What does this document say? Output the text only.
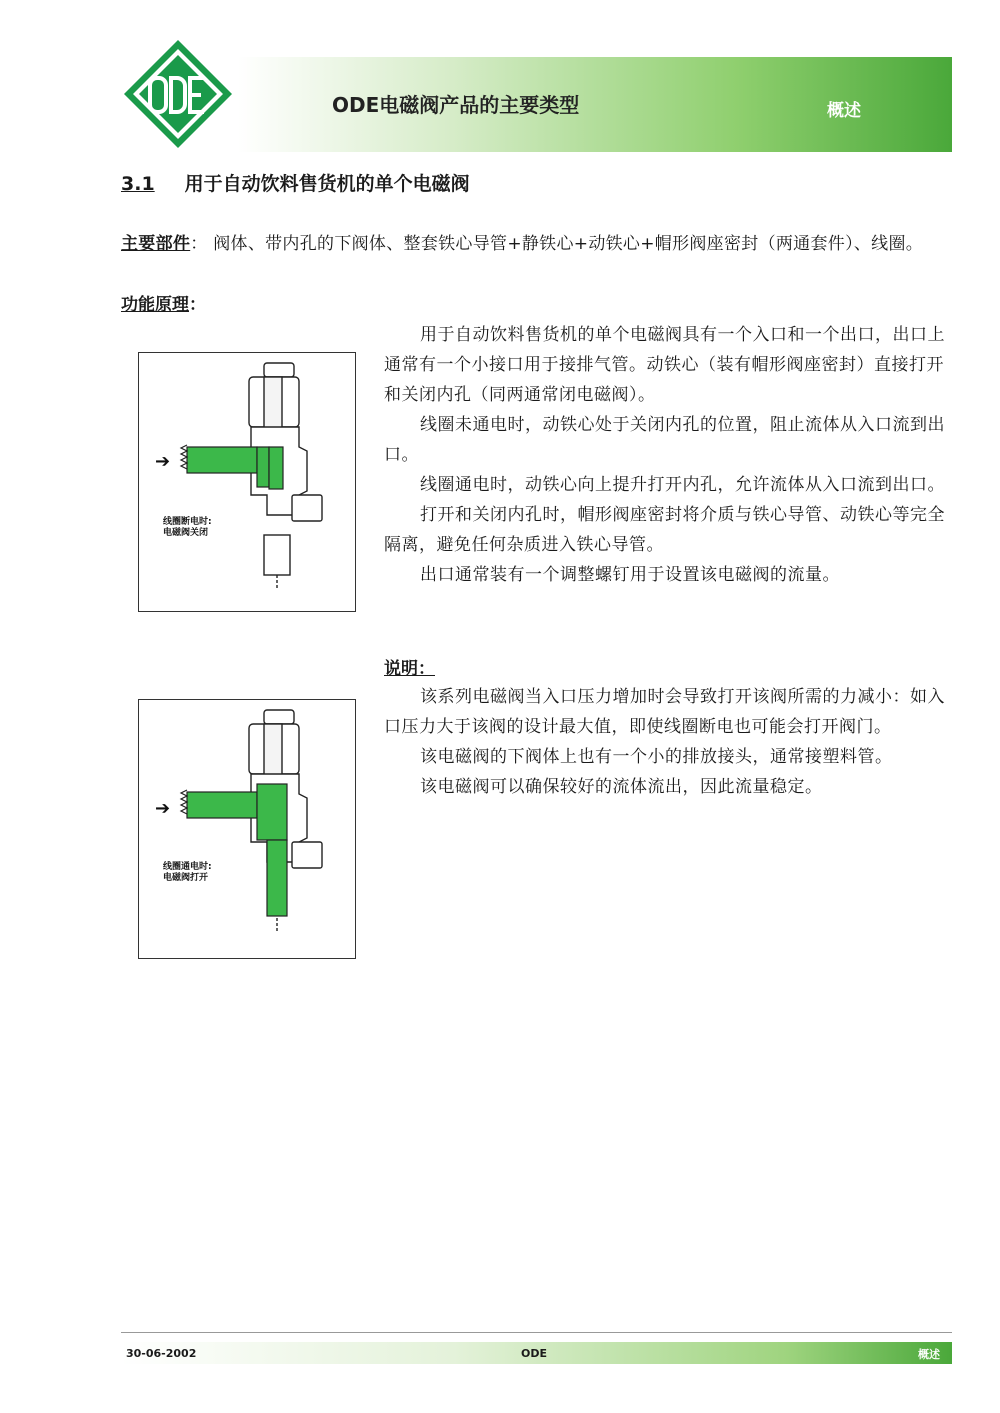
ODE电磁阀产品的主要类型	概述
3.1 用于自动饮料售货机的单个电磁阀
主要部件： 阀体、带内孔的下阀体、整套铁心导管+静铁心+动铁心+帽形阀座密封（两通套件）、线圈。
功能原理：

用于自动饮料售货机的单个电磁阀具有一个入口和一个出口，出口上通常有一个小接口用于接排气管。动铁心（装有帽形阀座密封）直接打开和关闭内孔（同两通常闭电磁阀）。

线圈未通电时，动铁心处于关闭内孔的位置，阻止流体从入口流到出口。

线圈通电时，动铁心向上提升打开内孔，允许流体从入口流到出口。

打开和关闭内孔时，帽形阀座密封将介质与铁心导管、动铁心等完全隔离，避免任何杂质进入铁心导管。

出口通常装有一个调整螺钉用于设置该电磁阀的流量。

说明：

该系列电磁阀当入口压力增加时会导致打开该阀所需的力减小：如入口压力大于该阀的设计最大值，即使线圈断电也可能会打开阀门。

该电磁阀的下阀体上也有一个小的排放接头，通常接塑料管。

该电磁阀可以确保较好的流体流出，因此流量稳定。

➔
线圈断电时:
电磁阀关闭
➔
线圈通电时:
电磁阀打开
30-06-2002	ODE	概述
